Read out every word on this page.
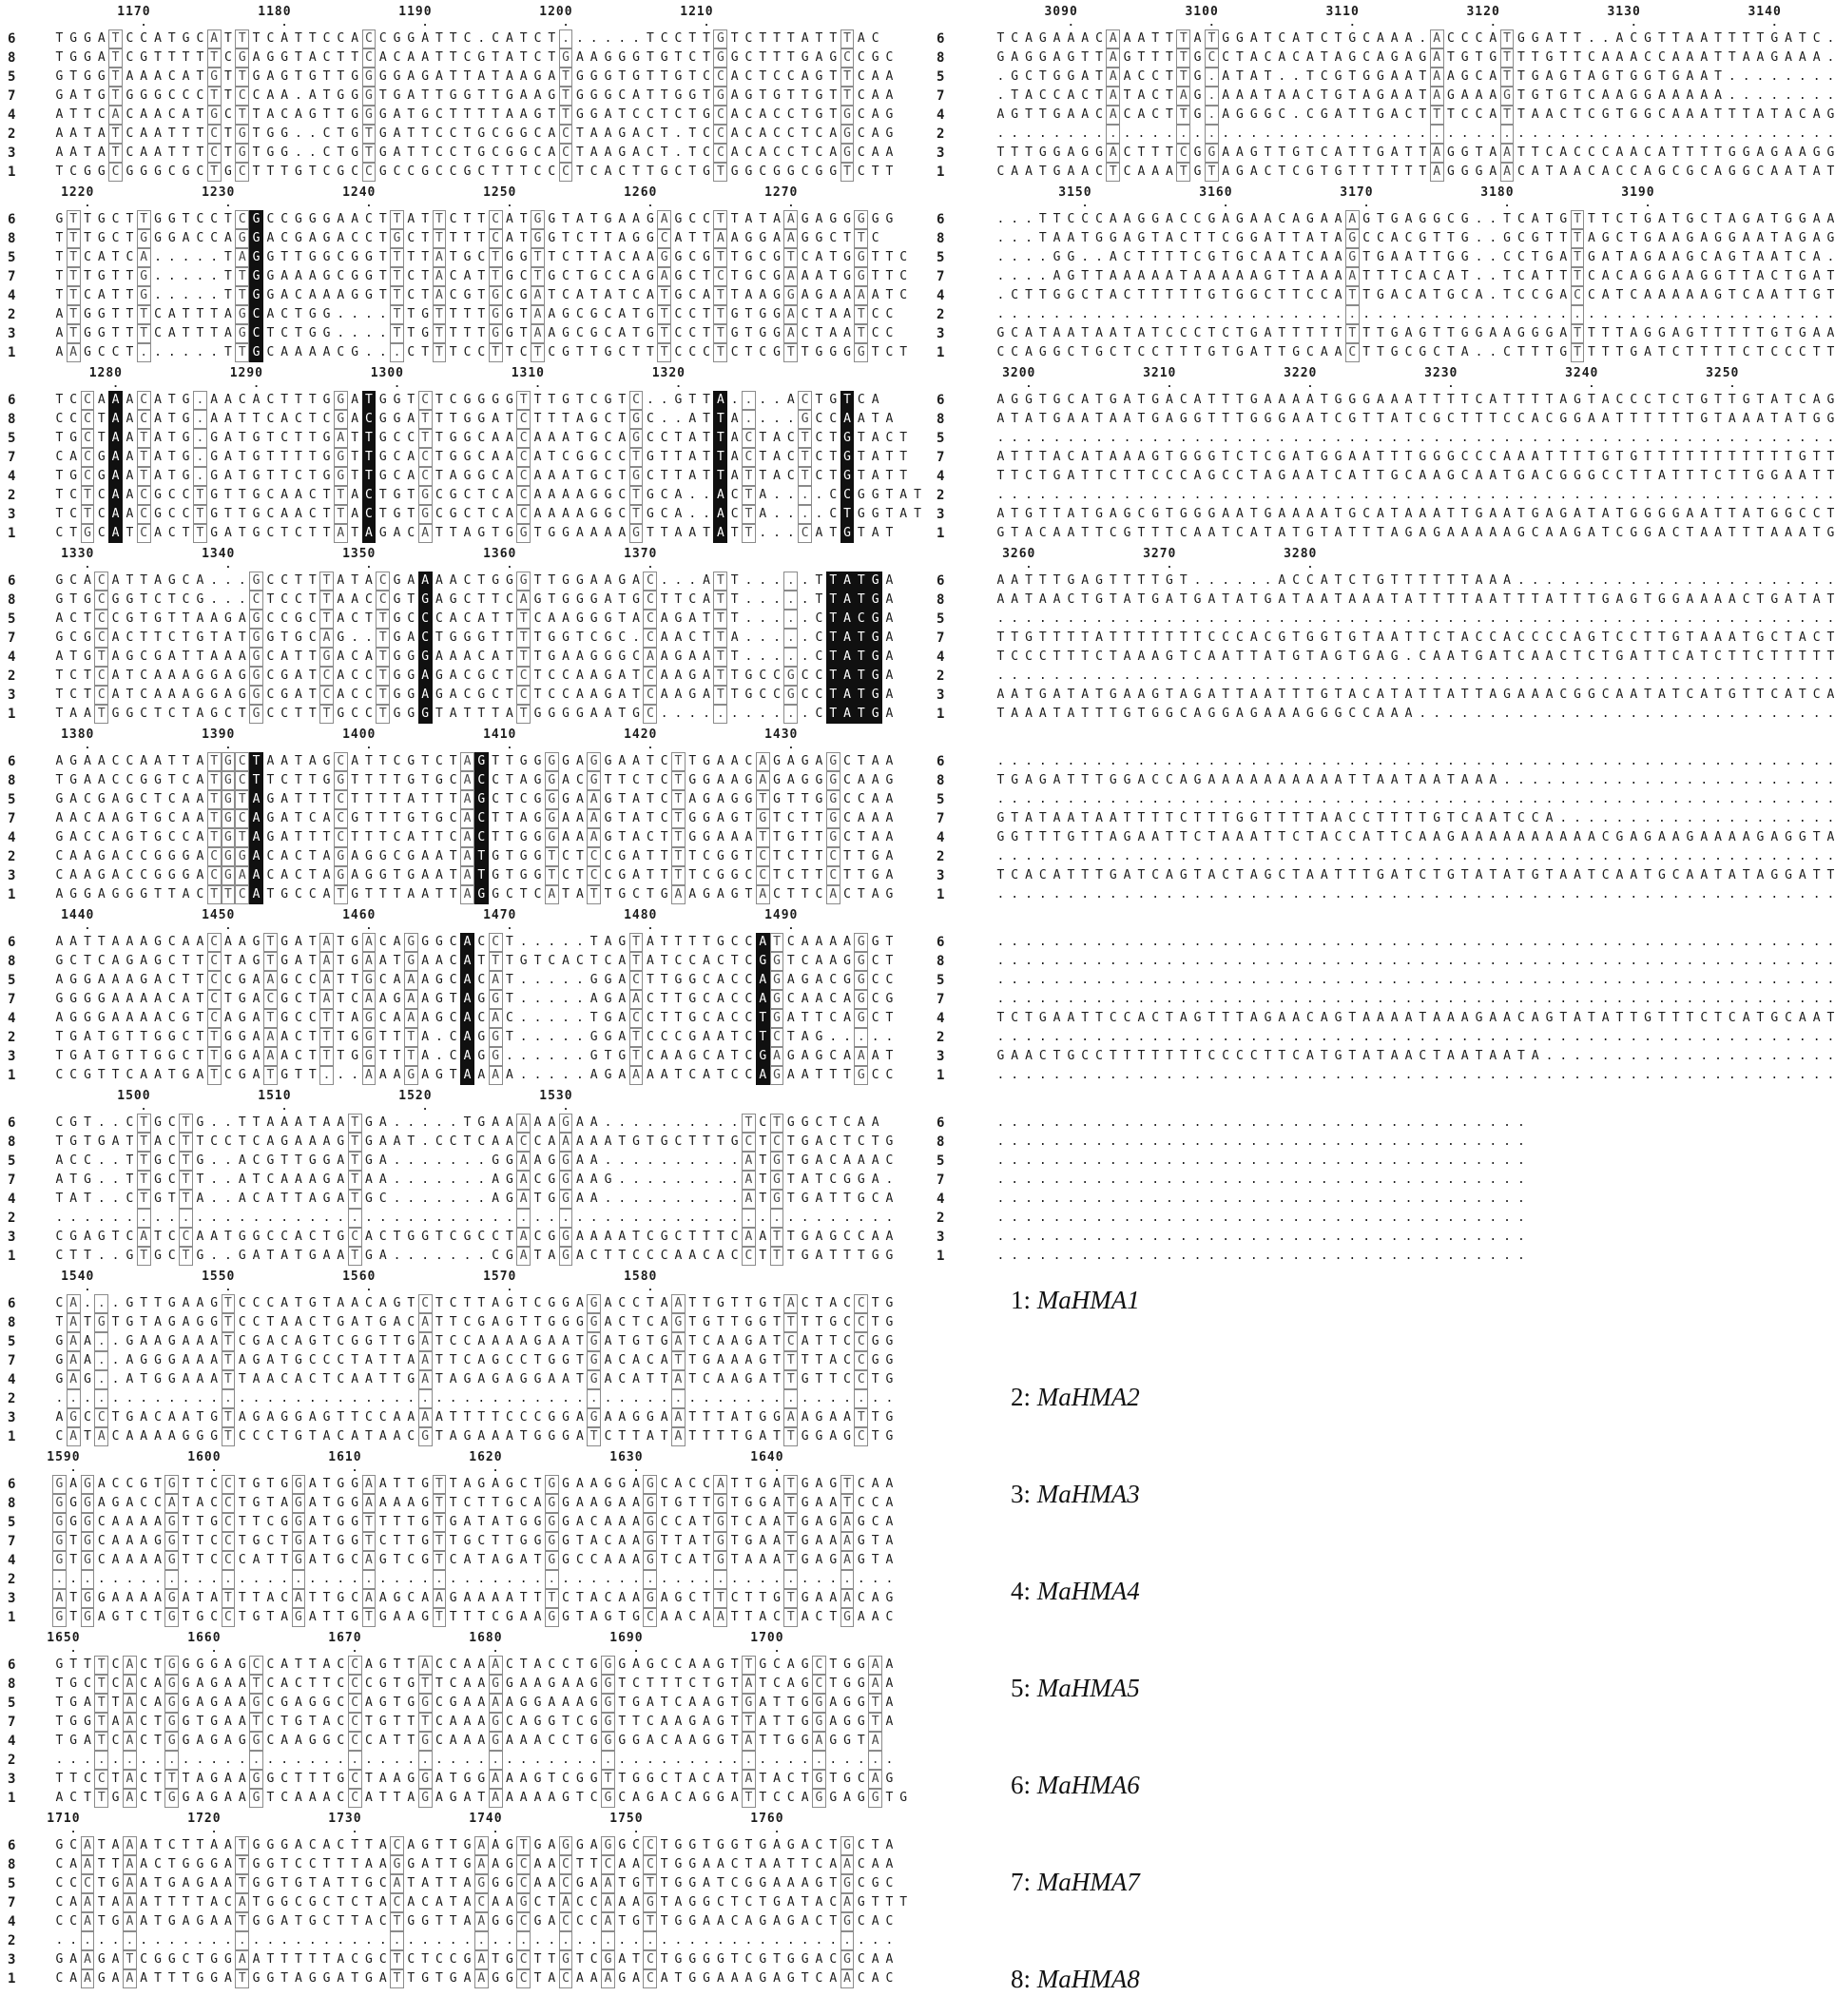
1170
.
1180
.
1190
.
1200
.
1210
.
6	T G G A T C C A T G C A T T T C A T T C C A C C G G A T T C . C A T C T . . . . . . T C C T T G T C T T T A T T T A C
8	T G G A T C G T T T T T C G A G G T A C T T C A C A A T T C G T A T C T G A A G G G T G T C T G G C T T T G A G C C G C
5	G T G G T A A A C A T G T T G A G T G T T G G G G A G A T T A T A A G A T G G G T G T T G T C C A C T C C A G T T C A A
7	G A T G T G G G C C C T T C C A A . A T G G G T G A T T G G T T G A A G T G G G C A T T G G T G A G T G T T G T T C A A
4	A T T C A C A A C A T G C T T A C A G T T G G G A T G C T T T T A A G T T G G A T C C T C T G C A C A C C T G T G C A G
2	A A T A T C A A T T T C T G T G G . . C T G T G A T T C C T G C G G C A C T A A G A C T . T C C A C A C C T C A G C A G
3	A A T A T C A A T T T C T G T G G . . C T G T G A T T C C T G C G G C A C T A A G A C T . T C C A C A C C T C A G C A A
1	T C G G C G G G C G C T G C T T T G T C G C C G C C G C C G C T T T C C C T C A C T T G C T G T G G C G G C G G T C T T
1220
.
1230
.
1240
.
1250
.
1260
.
1270
.
6	G T T G C T T G G T C C T C G C C G G G A A C T T A T T C T T C A T G G T A T G A A G A G C C T T A T A A G A G G G G G
8	T T T G C T G G G A C C A G G A C G A G A C C T G C T T T T T C A T G G T C T T A G G C A T T A A G G A A G G C T T C
5	T T C A T C A . . . . . T A G G T T G G C G G T T T T A T G C T G G T T C T T A C A A G G C G T T G C G T C A T G G T T C
7	T T T G T T G . . . . . T T G G A A A G C G G T T C T A C A T T G C T G C T G C C A G A G C T C T G C G A A A T G G T T C
4	T T C A T T G . . . . . T T G G A C A A A G G T T C T A C G T G C G A T C A T A T C A T G C A T T A A G G A G A A A A T C
2	A T G G T T T C A T T T A G C A C T G G . . . . T T G T T T T G G T A A G C G C A T G T C C T T G T G G A C T A A T C C
3	A T G G T T T C A T T T A G C T C T G G . . . . T T G T T T T G G T A A G C G C A T G T C C T T G T G G A C T A A T C C
1	A A G C C T . . . . . . T T G C A A A A C G . . . C T T T C C T T C T C G T T G C T T T C C C T C T C G T T G G G G T C T
1280
.
1290
.
1300
.
1310
.
1320
.
6	T C C A A A C A T G . A A C A C T T T G G A T G G T C T C G G G G T T T G T C G T C . . G T T A . . . . A C T G T C A
8	C C C T A A C A T G . A A T T C A C T C G A C G G A T T T G G A T C T T T A G C T G C . . A T T A . . . . G C C A A T A
5	T G C T A A T A T G . G A T G T C T T G A T T G C C T T G G C A A C A A A T G C A G C C T A T T A C T A C T C T G T A C T
7	C A C G A A T A T G . G A T G T T T T G G T T G C A C T G G C A A C A T C G G C C T G T T A T T A C T A C T C T G T A T T
4	T G C G A A T A T G . G A T G T T C T G G T T G C A C T A G G C A C A A A T G C T G C T T A T T A T T A C T C T G T A T T
2	T C T C A A C G C C T G T T G C A A C T T A C T G T G C G C T C A C A A A A G G C T G C A . . A C T A . . . . C C G G T A T
3	T C T C A A C G C C T G T T G C A A C T T A C T G T G C G C T C A C A A A A G G C T G C A . . A C T A . . . . C T G G T A T
1	C T G C A T C A C T T G A T G C T C T T A T A G A C A T T A G T G G T G G A A A A G T T A A T A T T . . . C A T G T A T
1330
.
1340
.
1350
.
1360
.
1370
.
6	G C A C A T T A G C A . . . G C C T T T A T A C G A A A A C T G G G T T G G A A G A C . . . A T T . . . . . T T A T G A
8	G T G C G G T C T C G . . . C T C C T T A A C C G T G A G C T T C A G T G G G A T G C T T C A T T . . . . . T T A T G A
5	A C T C C G T G T T A A G A G C C G C T A C T T G C C C A C A T T T C A A G G G T A C A G A T T T . . . . . C T A C G A
7	G C G C A C T T C T G T A T G G T G C A G . . T G A C T G G G T T T T G G T C G C . C A A C T T A . . . . . C T A T G A
4	A T G T A G C G A T T A A A G C A T T G A C A T G G G A A A C A T T T G A A G G G C A A G A A T T . . . . . C T A T G A
2	T C T C A T C A A A G G A G G C G A T C A C C T G G A G A C G C T C T C C A A G A T C A A G A T T G C C G C C T A T G A
3	T C T C A T C A A A G G A G G C G A T C A C C T G G A G A C G C T C T C C A A G A T C A A G A T T G C C G C C T A T G A
1	T A A T G G C T C T A G C T G C C T T T G C C T G G G T A T T T A T G G G G A A T G C . . . . . . . . . . . C T A T G A
1380
.
1390
.
1400
.
1410
.
1420
.
1430
.
6	A G A A C C A A T T A T G C T A A T A G C A T T C G T C T A G T T G G G G A G G A A T C T T G A A C A G A G A G C T A A
8	T G A A C C G G T C A T G C T T C T T G G T T T T G T G C A C C T A G G A C G T T C T C T G G A A G A G A G G G C A A G
5	G A C G A G C T C A A T G T A G A T T T C T T T T A T T T A G C T C G G G A A G T A T C T A G A G G T G T T G G C C A A
7	A A C A A G T G C A A T G C A G A T C A C G T T T G T G C A C T T A G G A A A G T A T C T G G A G T G T C T T G C A A A
4	G A C C A G T G C C A T G T A G A T T T C T T T C A T T C A C T T G G G A A A G T A C T T G G A A A T T G T T G C T A A
2	C A A G A C C G G G A C G G A C A C T A G A G G C G A A T A T G T G G T C T C C G A T T T T C G G T C T C T T C T T G A
3	C A A G A C C G G G A C G A A C A C T A G A G G T G A A T A T G T G G T C T C C G A T T T T C G G C C T C T T C T T G A
1	A G G A G G G T T A C T T C A T G C C A T G T T T A A T T A G G C T C A T A T T G C T G A A G A G T A C T T C A C T A G
1440
.
1450
.
1460
.
1470
.
1480
.
1490
.
6	A A T T A A A G C A A C A A G T G A T A T G A C A G G G C A C C T . . . . . T A G T A T T T T G C C A T C A A A A G G T
8	G C T C A G A G C T T C T A G T G A T A T G A A T G A A C A T T T G T C A C T C A T A T C C A C T C G G T C A A G G C T
5	A G G A A A G A C T T C C G A A G C C A T T G C A A A G C A C A T . . . . . G G A C T T G G C A C C A G A G A C G G C C
7	G G G G A A A A C A T C T G A C G C T A T C A A G A A G T A G G T . . . . . A G A A C T T G C A C C A G C A A C A G C G
4	A G G G A A A A C G T C A G A T G C C T T A G C A A A G C A C A C . . . . . T G A C C T T G C A C C T G A T T C A G C T
2	T G A T G T T G G C T T G G A A A C T T T G G T T T A . C A G G T . . . . . G G A T C C C G A A T C T C T A G . . . . .
3	T G A T G T T G G C T T G G A A A C T T T G G T T T A . C A G G . . . . . . G T G T C A A G C A T C G A G A G C A A A T
1	C C G T T C A A T G A T C G A T G T T . . . A A A G A G T A A A A . . . . . A G A A A A T C A T C C A G A A T T T G C C
1500
.
1510
.
1520
.
1530
.
6	C G T . . C T G C T G . . T T A A A T A A T G A . . . . . T G A A A A A G A A . . . . . . . . . . T C T G G C T C A A
8	T G T G A T T A C T T C C T C A G A A A G T G A A T . C C T C A A C C A A A A A T G T G C T T T G C T C T G A C T C T G
5	A C C . . T T G C T G . . A C G T T G G A T G A . . . . . . . G G A A G G A A . . . . . . . . . . A T G T G A C A A A C
7	A T G . . T T G C T T . . A T C A A A G A T A A . . . . . . . A G A C G G A A G . . . . . . . . . A T G T A T C G G A .
4	T A T . . C T G T T A . . A C A T T A G A T G C . . . . . . . A G A T G G A A . . . . . . . . . . A T G T G A T T G C A
2	. . . . . . . . . . . . . . . . . . . . . . . . . . . . . . . . . . . . . . . . . . . . . . . . . . . . . . . . . . . .
3	C G A G T C A T C C A A T G G C C A C T G C A C T G G T C G C C T A C G G A A A A T C G C T T T C A A T T G A G C C A A
1	C T T . . G T G C T G . . G A T A T G A A T G A . . . . . . . C G A T A G A C T T C C C A A C A C C T T T G A T T T G G
1540
.
1550
.
1560
.
1570
.
1580
.
6	C A . . . G T T G A A G T C C C A T G T A A C A G T C T C T T A G T C G G A G A C C T A A T T G T T G T A C T A C C T G
8	T A T G T G T A G A G G T C C T A A C T G A T G A C A T T C G A G T T G G G G A C T C A G T G T T G G T T T T G C C T G
5	G A A . . G A A G A A A T C G A C A G T C G G T T G A T C C A A A A G A A T G A T G T G A T C A A G A T C A T T C C G G
7	G A A . . A G G G A A A T A G A T G C C C T A T T A A T T C A G C C T G G T G A C A C A T T G A A A G T T T T A C C G G
4	G A G . . A T G G A A A T T A A C A C T C A A T T G A T A G A G A G G A A T G A C A T T A T C A A G A T T G T T C C T G
2	. . . . . . . . . . . . . . . . . . . . . . . . . . . . . . . . . . . . . . . . . . . . . . . . . . . . . . . . . . . .
3	A G C C T G A C A A T G T A G A G G A G T T C C A A A A T T T T C C C G G A G A A G G A A T T T A T G G A A G A A T T G
1	C A T A C A A A A G G G T C C C T G T A C A T A A C G T A G A A A T G G G A T C T T A T A T T T T G A T T G G A G C T G
1590
.
1600
.
1610
.
1620
.
1630
.
1640
.
6	G A G A C C G T G T T C C T G T G G A T G G A A T T G T T A G A G C T G G A A G G A G C A C C A T T G A T G A G T C A A
8	G G G A G A C C A T A C C T G T A G A T G G A A A A G T T C T T G C A G G A A G A A G T G T T G T G G A T G A A T C C A
5	G G G C A A A A G T T G C T T C G G A T G G T T T T G T G A T A T G G G G A C A A A G C C A T G T C A A T G A G A G C A
7	G T G C A A A G G T T C C T G C T G A T G G T C T T G T T G C T T G G G G T A C A A G T T A T G T G A A T G A A A G T A
4	G T G C A A A A G T T C C C A T T G A T G C A G T C G T C A T A G A T G G C C A A A G T C A T G T A A A T G A G A G T A
2	. . . . . . . . . . . . . . . . . . . . . . . . . . . . . . . . . . . . . . . . . . . . . . . . . . . . . . . . . . . .
3	A T G G A A A A G A T A T T T A C A T T G C A A G C A A G A A A A T T T C T A C A A G A G C T T C T T G T G A A A C A G
1	G T G A G T C T G T G C C T G T A G A T T G T G A A G T T T T C G A A G G T A G T G C A A C A A T T A C T A C T G A A C
1650
.
1660
.
1670
.
1680
.
1690
.
1700
.
6	G T T T C A C T G G G G A G C C A T T A C C A G T T A C C A A A C T A C C T G G G A G C C A A G T T G C A G C T G G A A
8	T G C T C A C A G G A G A A T C A C T T C C C G T G T T C A A G G A A G A A G G T C T T T C T G T A T C A G C T G G A A
5	T G A T T A C A G G A G A A G C G A G G C C A G T G G C G A A A A G G A A A G G T G A T C A A G T G A T T G G A G G T A
7	T G G T A A C T G G T G A A T C T G T A C C T G T T T C A A A G C A G G T C G G T T C A A G A G T T A T T G G A G G T A
4	T G A T C A C T G G A G A G G C A A G G C C C A T T G C A A A G A A A C C T G G G G A C A A G G T A T T G G A G G T A
2	. . . . . . . . . . . . . . . . . . . . . . . . . . . . . . . . . . . . . . . . . . . . . . . . . . . . . . . . . . . .
3	T T C C T A C T T T A G A A G G C T T T G C T A A G G A T G G A A A G T C G G T T G G C T A C A T A T A C T G T G C A G
1	A C T T G A C T G G A G A A G T C A A A C C A T T A G A G A T A A A A A G T C G C A G A C A G G A T T C C A G G A G G T G
1710
.
1720
.
1730
.
1740
.
1750
.
1760
.
6	G C A T A A A T C T T A A T G G G A C A C T T A C A G T T G A A G T G A G G A G G C C T G G T G G T G A G A C T G C T A
8	C A A T T A A C T G G G A T G G T C C T T T A A G G A T T G A A G C A A C T T C A A C T G G A A C T A A T T C A A C A A
5	C C C T G A A T G A G A A T G G T G T A T T G C A T A T T A G G G C A A C G A A T G T T G G A T C G G A A A G T G C G C
7	C A A T A A A T T T T A C A T G G C G C T C T A C A C A T A C A A G C T A C C A A A G T A G G C T C T G A T A C A G T T T
4	C C A T G A A T G A G A A T G G A T G C T T A C T G G T T A A G G C G A C C C A T G T T G G A A C A G A G A C T G C A C
2	. . . . . . . . . . . . . . . . . . . . . . . . . . . . . . . . . . . . . . . . . . . . . . . . . . . . . . . . . . . .
3	G A A G A T C G G C T G G A A T T T T T A C G C T C T C C G A T G C T T G T C G A T C T G G G G T C G T G G A C G C A A
1	C A A G A A A T T T G G A T G G T A G G A T G A T T G T G A A G G C T A C A A A G A C A T G G A A A G A G T C A A C A C
3090
.
3100
.
3110
.
3120
.
3130
.
3140
.
6	T C A G A A A C A A A T T T A T G G A T C A T C T G C A A A . A C C C A T G G A T T . . A C G T T A A T T T T G A T C .
8	G A G G A G T T A G T T T T G C C T A C A C A T A G C A G A G A T G T G T T T G T T C A A A C C A A A T T A A G A A A .
5	. G C T G G A T A A C C T T G . A T A T . . T C G T G G A A T A A G C A T T G A G T A G T G G T G A A T . . . . . . . .
7	. T A C C A C T A T A C T A G . A A A T A A C T G T A G A A T A G A A A G T G T G T C A A G G A A A A A . . . . . . . .
4	A G T T G A A C A C A C T T G . A G G G C . C G A T T G A C T T T C C A T T A A C T C G T G G C A A A T T T A T A C A G
2	. . . . . . . . . . . . . . . . . . . . . . . . . . . . . . . . . . . . . . . . . . . . . . . . . . . . . . . . . . . .
3	T T T G G A G G A C T T T C G G A A G T T G T C A T T G A T T A G G T A A T T C A C C C A A C A T T T T G G A G A A G G
1	C A A T G A A C T C A A A T G T A G A C T C G T G T T T T T T A G G G A A C A T A A C A C C A G C G C A G G C A A T A T
3150
.
3160
.
3170
.
3180
.
3190
.
6	. . . T T C C C A A G G A C C G A G A A C A G A A A G T G A G G C G . . T C A T G T T T C T G A T G C T A G A T G G A A
8	. . . T A A T G G A G T A C T T C G G A T T A T A G C C A C G T T G . . G C G T T T A G C T G A A G A G G A A T A G A G
5	. . . . G G . . A C T T T T C G T G C A A T C A A G T G A A T T G G . . C C T G A T G A T A G A A G C A G T A A T C A .
7	. . . . A G T T A A A A A T A A A A A G T T A A A A T T T C A C A T . . T C A T T T C A C A G G A A G G T T A C T G A T
4	. C T T G G C T A C T T T T T G T G G C T T C C A T T G A C A T G C A . T C C G A C C A T C A A A A A G T C A A T T G T
2	. . . . . . . . . . . . . . . . . . . . . . . . . . . . . . . . . . . . . . . . . . . . . . . . . . . . . . . . . . . .
3	G C A T A A T A A T A T C C C T C T G A T T T T T T T T G A G T T G G A A G G G A T T T T A G G A G T T T T T G T G A A
1	C C A G G C T G C T C C T T T G T G A T T G C A A C T T G C G C T A . . C T T T G T T T T G A T C T T T T C T C C C T T
3200
.
3210
.
3220
.
3230
.
3240
.
3250
.
6	A G G T G C A T G A T G A C A T T T G A A A A T G G G A A A T T T T C A T T T T A G T A C C C T C T G T T G T A T C A G
8	A T A T G A A T A A T G A G G T T T G G G A A T C G T T A T C G C T T T C C A C G G A A T T T T T T G T A A A T A T G G
5	. . . . . . . . . . . . . . . . . . . . . . . . . . . . . . . . . . . . . . . . . . . . . . . . . . . . . . . . . . . .
7	A T T T A C A T A A A G T G G G T C T C G A T G G A A T T T G G G C C C A A A T T T T G T G T T T T T T T T T T T G T T
4	T T C T G A T T C T T C C C A G C C T A G A A T C A T T G C A A G C A A T G A C G G G C C T T A T T T C T T G G A A T T
2	. . . . . . . . . . . . . . . . . . . . . . . . . . . . . . . . . . . . . . . . . . . . . . . . . . . . . . . . . . . .
3	A T G T T A T G A G C G T G G G A A T G A A A A T G C A T A A A T T G A A T G A G A T A T G G G G A A T T A T G G C C T
1	G T A C A A T T C G T T T C A A T C A T A T G T A T T T A G A G A A A A A G C A A G A T C G G A C T A A T T T A A A T G
3260
.
3270
.
3280
.
6	A A T T T G A G T T T T G T . . . . . . A C C A T C T G T T T T T T A A A . . . . . . . . . . . . . . . . . . . . . . .
8	A A T A A C T G T A T G A T G A T A T G A T A A T A A A T A T T T T A A T T T A T T T G A G T G G A A A A C T G A T A T
5	. . . . . . . . . . . . . . . . . . . . . . . . . . . . . . . . . . . . . . . . . . . . . . . . . . . . . . . . . . . .
7	T T G T T T T A T T T T T T T C C C A C G T G G T G T A A T T C T A C C A C C C C A G T C C T T G T A A A T G C T A C T
4	T C C C T T T C T A A A G T C A A T T A T G T A G T G A G . C A A T G A T C A A C T C T G A T T C A T C T T C T T T T T
2	. . . . . . . . . . . . . . . . . . . . . . . . . . . . . . . . . . . . . . . . . . . . . . . . . . . . . . . . . . . .
3	A A T G A T A T G A A G T A G A T T A A T T T G T A C A T A T T A T T A G A A A C G G C A A T A T C A T G T T C A T C A
1	T A A A T A T T T G T G G C A G G A G A A A G G G C C A A A . . . . . . . . . . . . . . . . . . . . . . . . . . . . . .
6	. . . . . . . . . . . . . . . . . . . . . . . . . . . . . . . . . . . . . . . . . . . . . . . . . . . . . . . . . . . .
8	T G A G A T T T G G A C C A G A A A A A A A A A A T T A A T A A T A A A . . . . . . . . . . . . . . . . . . . . . . . .
5	. . . . . . . . . . . . . . . . . . . . . . . . . . . . . . . . . . . . . . . . . . . . . . . . . . . . . . . . . . . .
7	G T A T A A T A A T T T T C T T T G G T T T T A A C C T T T T G T C A A T C C A . . . . . . . . . . . . . . . . . . . .
4	G G T T T G T T A G A A T T C T A A A T T C T A C C A T T C A A G A A A A A A A A A A C G A G A A G A A A A G A G G T A
2	. . . . . . . . . . . . . . . . . . . . . . . . . . . . . . . . . . . . . . . . . . . . . . . . . . . . . . . . . . . .
3	T C A C A T T T G A T C A G T A C T A G C T A A T T T G A T C T G T A T A T G T A A T C A A T G C A A T A T A G G A T T
1	. . . . . . . . . . . . . . . . . . . . . . . . . . . . . . . . . . . . . . . . . . . . . . . . . . . . . . . . . . . .
6	. . . . . . . . . . . . . . . . . . . . . . . . . . . . . . . . . . . . . . . . . . . . . . . . . . . . . . . . . . . .
8	. . . . . . . . . . . . . . . . . . . . . . . . . . . . . . . . . . . . . . . . . . . . . . . . . . . . . . . . . . . .
5	. . . . . . . . . . . . . . . . . . . . . . . . . . . . . . . . . . . . . . . . . . . . . . . . . . . . . . . . . . . .
7	. . . . . . . . . . . . . . . . . . . . . . . . . . . . . . . . . . . . . . . . . . . . . . . . . . . . . . . . . . . .
4	T C T G A A T T C C A C T A G T T T A G A A C A G T A A A A T A A A G A A C A G T A T A T T G T T T C T C A T G C A A T
2	. . . . . . . . . . . . . . . . . . . . . . . . . . . . . . . . . . . . . . . . . . . . . . . . . . . . . . . . . . . .
3	G A A C T G C C T T T T T T T C C C C T T C A T G T A T A A C T A A T A A T A . . . . . . . . . . . . . . . . . . . . .
1	. . . . . . . . . . . . . . . . . . . . . . . . . . . . . . . . . . . . . . . . . . . . . . . . . . . . . . . . . . . .
6	. . . . . . . . . . . . . . . . . . . . . . . . . . . . . . . . . . . . . .
8	. . . . . . . . . . . . . . . . . . . . . . . . . . . . . . . . . . . . . .
5	. . . . . . . . . . . . . . . . . . . . . . . . . . . . . . . . . . . . . .
7	. . . . . . . . . . . . . . . . . . . . . . . . . . . . . . . . . . . . . .
4	. . . . . . . . . . . . . . . . . . . . . . . . . . . . . . . . . . . . . .
2	. . . . . . . . . . . . . . . . . . . . . . . . . . . . . . . . . . . . . .
3	. . . . . . . . . . . . . . . . . . . . . . . . . . . . . . . . . . . . . .
1	. . . . . . . . . . . . . . . . . . . . . . . . . . . . . . . . . . . . . .
1: MaHMA1
2: MaHMA2
3: MaHMA3
4: MaHMA4
5: MaHMA5
6: MaHMA6
7: MaHMA7
8: MaHMA8
